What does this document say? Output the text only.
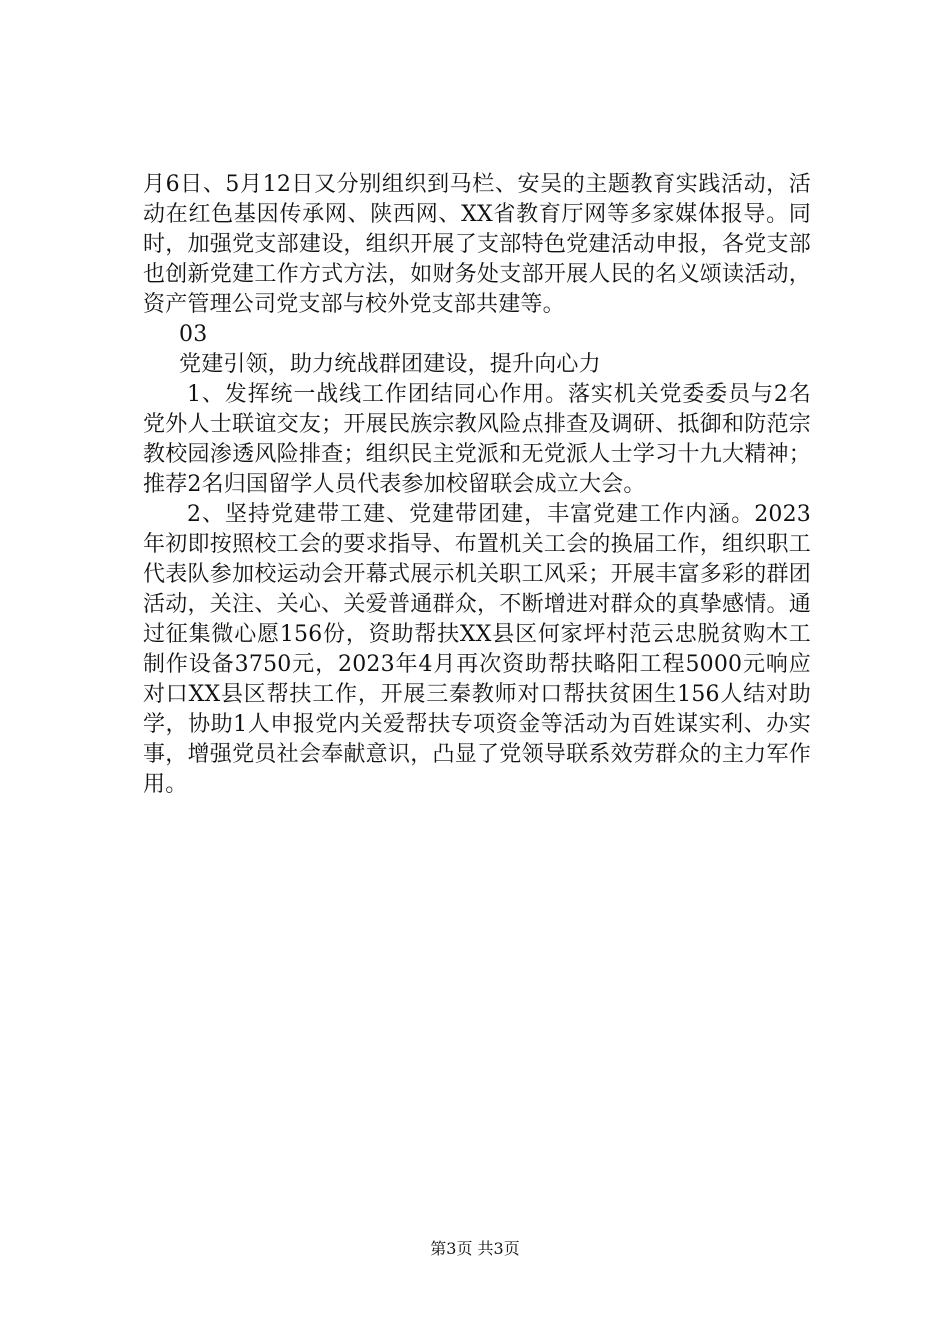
月6日、5月12日又分别组织到马栏、安吴的主题教育实践活动，活动在红色基因传承网、陕西网、XX省教育厅网等多家媒体报导。同时，加强党支部建设，组织开展了支部特色党建活动申报，各党支部也创新党建工作方式方法，如财务处支部开展人民的名义颂读活动，资产管理公司党支部与校外党支部共建等。

03

党建引领，助力统战群团建设，提升向心力

1、发挥统一战线工作团结同心作用。落实机关党委委员与2名党外人士联谊交友；开展民族宗教风险点排查及调研、抵御和防范宗教校园渗透风险排查；组织民主党派和无党派人士学习十九大精神；推荐2名归国留学人员代表参加校留联会成立大会。

2、坚持党建带工建、党建带团建，丰富党建工作内涵。2023年初即按照校工会的要求指导、布置机关工会的换届工作，组织职工代表队参加校运动会开幕式展示机关职工风采；开展丰富多彩的群团活动，关注、关心、关爱普通群众，不断增进对群众的真挚感情。通过征集微心愿156份，资助帮扶XX县区何家坪村范云忠脱贫购木工制作设备3750元，2023年4月再次资助帮扶略阳工程5000元响应对口XX县区帮扶工作，开展三秦教师对口帮扶贫困生156人结对助学，协助1人申报党内关爱帮扶专项资金等活动为百姓谋实利、办实事，增强党员社会奉献意识，凸显了党领导联系效劳群众的主力军作用。

第3页 共3页
